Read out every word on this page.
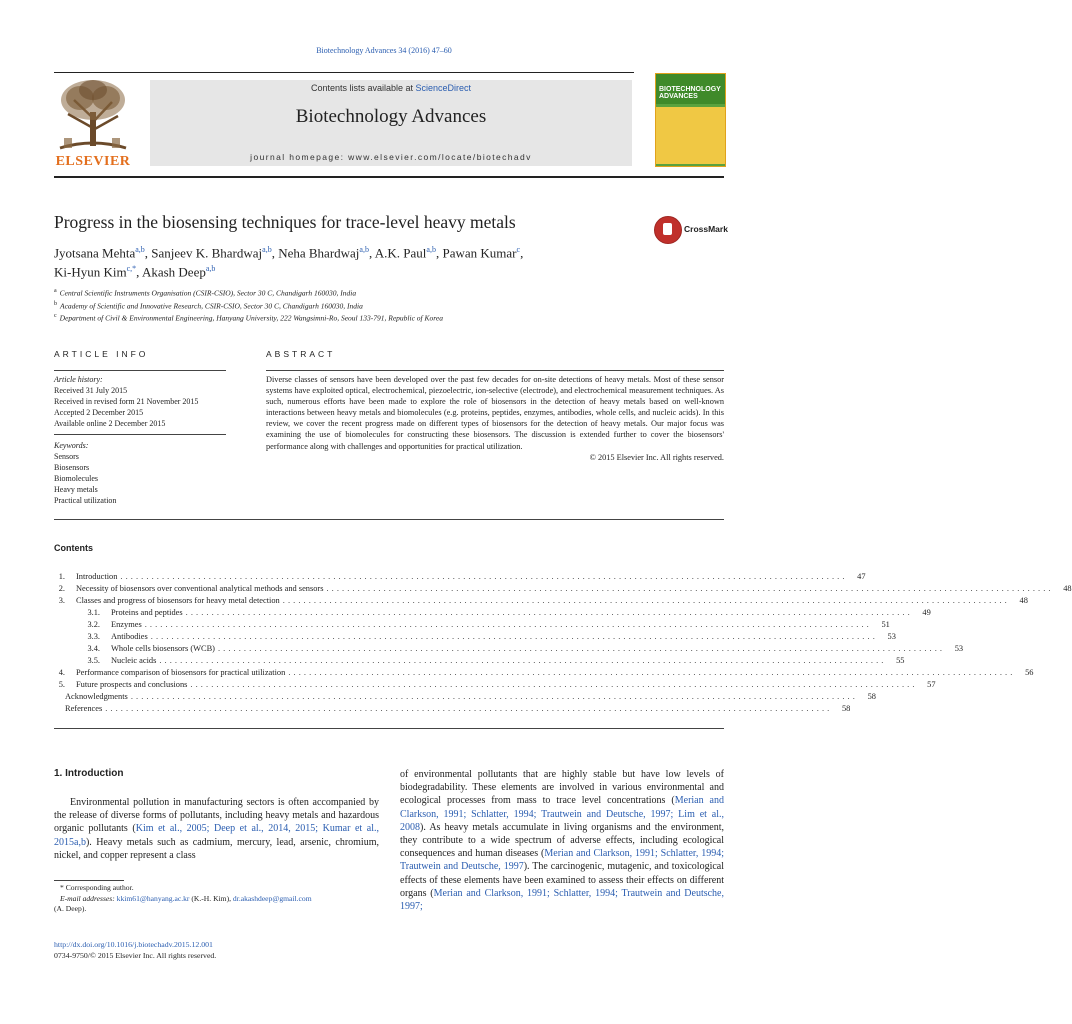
Biotechnology Advances 34 (2016) 47–60
ELSEVIER
Contents lists available at ScienceDirect
Biotechnology Advances
journal homepage: www.elsevier.com/locate/biotechadv
BIOTECHNOLOGY ADVANCES
Progress in the biosensing techniques for trace-level heavy metals	CrossMark
Jyotsana Mehta$^{a,b}$, Sanjeev K. Bhardwaj$^{a,b}$, Neha Bhardwaj$^{a,b}$, A.K. Paul$^{a,b}$, Pawan Kumar$^c$,
Ki-Hyun Kim$^{c,*}$, Akash Deep$^{a,b}$
$^a$ Central Scientific Instruments Organisation (CSIR-CSIO), Sector 30 C, Chandigarh 160030, India
$^b$ Academy of Scientific and Innovative Research, CSIR-CSIO, Sector 30 C, Chandigarh 160030, India
$^c$ Department of Civil & Environmental Engineering, Hanyang University, 222 Wangsimni-Ro, Seoul 133-791, Republic of Korea
ARTICLE INFO	ABSTRACT
Article history:
Received 31 July 2015
Received in revised form 21 November 2015
Accepted 2 December 2015
Available online 2 December 2015
Keywords:
Sensors
Biosensors
Biomolecules
Heavy metals
Practical utilization
Diverse classes of sensors have been developed over the past few decades for on-site detections of heavy metals. Most of these sensor systems have exploited optical, electrochemical, piezoelectric, ion-selective (electrode), and electrochemical measurement techniques. As such, numerous efforts have been made to explore the role of biosensors in the detection of heavy metals based on well-known interactions between heavy metals and biomolecules (e.g. proteins, peptides, enzymes, antibodies, whole cells, and nucleic acids). In this review, we cover the recent progress made on different types of biosensors for the detection of heavy metals. Our major focus was examining the use of biomolecules for constructing these biosensors. The discussion is extended further to cover the biosensors' performance along with challenges and opportunities for practical utilization.
© 2015 Elsevier Inc. All rights reserved.
Contents
1. Introduction ............................................................................................................................................	47
2. Necessity of biosensors over conventional analytical methods and sensors ............................................................................................................................................	48
3. Classes and progress of biosensors for heavy metal detection ............................................................................................................................................	48
3.1. Proteins and peptides ............................................................................................................................................	49
3.2. Enzymes ............................................................................................................................................	51
3.3. Antibodies ............................................................................................................................................	53
3.4. Whole cells biosensors (WCB) ............................................................................................................................................	53
3.5. Nucleic acids ............................................................................................................................................	55
4. Performance comparison of biosensors for practical utilization ............................................................................................................................................	56
5. Future prospects and conclusions ............................................................................................................................................	57
Acknowledgments ............................................................................................................................................	58
References ............................................................................................................................................	58
1. Introduction
Environmental pollution in manufacturing sectors is often accompanied by the release of diverse forms of pollutants, including heavy metals and hazardous organic pollutants (Kim et al., 2005; Deep et al., 2014, 2015; Kumar et al., 2015a,b). Heavy metals such as cadmium, mercury, lead, arsenic, chromium, nickel, and copper represent a class
of environmental pollutants that are highly stable but have low levels of biodegradability. These elements are involved in various environmental and ecological processes from mass to trace level concentrations (Merian and Clarkson, 1991; Schlatter, 1994; Trautwein and Deutsche, 1997; Lim et al., 2008). As heavy metals accumulate in living organisms and the environment, they contribute to a wide spectrum of adverse effects, including ecological consequences and human diseases (Merian and Clarkson, 1991; Schlatter, 1994; Trautwein and Deutsche, 1997). The carcinogenic, mutagenic, and toxicological effects of these elements have been examined to assess their effects on different organs (Merian and Clarkson, 1991; Schlatter, 1994; Trautwein and Deutsche, 1997;
* Corresponding author.
E-mail addresses: kkim61@hanyang.ac.kr (K.-H. Kim), dr.akashdeep@gmail.com
(A. Deep).
http://dx.doi.org/10.1016/j.biotechadv.2015.12.001
0734-9750/© 2015 Elsevier Inc. All rights reserved.
